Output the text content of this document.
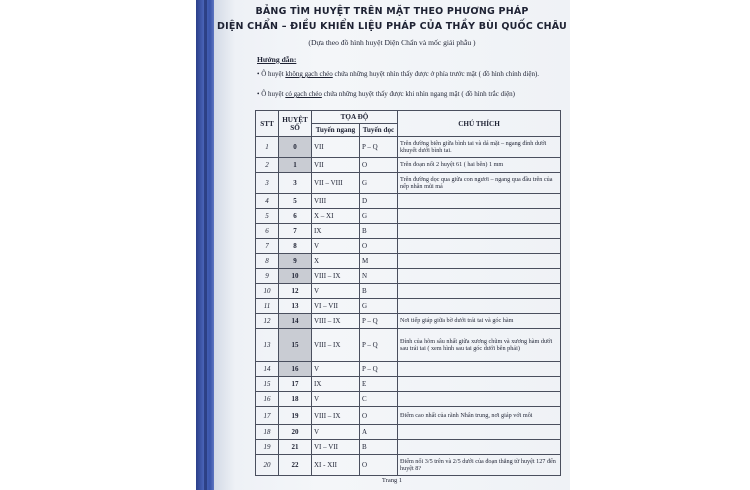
BẢNG TÌM HUYỆT TRÊN MẶT THEO PHƯƠNG PHÁP
DIỆN CHẨN – ĐIỀU KHIỂN LIỆU PHÁP CỦA THẦY BÙI QUỐC CHÂU
(Dựa theo đồ hình huyệt Diện Chẩn và mốc giải phẫu )
Hướng dẫn:
• Ô huyệt không gạch chéo chứa những huyệt nhìn thấy được ở phía trước mặt ( đồ hình chính diện).
• Ô huyệt có gạch chéo chứa những huyệt thấy được khi nhìn ngang mặt ( đồ hình trắc diện)
STT	HUYỆT SỐ	TỌA ĐỘ		CHÚ THÍCH
		Tuyến ngang	Tuyến dọc	
1	0	VII	P – Q	Trên đường biên giữa bình tai và dá mặt – ngang đỉnh dưới khuyết dưới bình tai.
2	1	VII	O	Trên đoạn nối 2 huyệt 61 ( hai bên) 1 mm
3	3	VII – VIII	G	Trên đường dọc qua giữa con ngươi – ngang qua đầu trên của nếp nhân mũi má
4	5	VIII	D	
5	6	X – XI	G	
6	7	IX	B	
7	8	V	O	
8	9	X	M	
9	10	VIII – IX	N	
10	12	V	B	
11	13	VI – VII	G	
12	14	VIII – IX	P – Q	Nơi tiếp giáp giữa bờ dưới trái tai và góc hàm
13	15	VIII – IX	P – Q	Đỉnh của hõm sâu nhất giữa xương chũm và xương hàm dưới sau trái tai ( xem hình sau tai góc dưới bên phải)
14	16	V	P – Q	
15	17	IX	E	
16	18	V	C	
17	19	VIII – IX	O	Điểm cao nhất của rãnh Nhân trung, nơi giáp với môi
18	20	V	A	
19	21	VI – VII	B	
20	22	XI - XII	O	Điểm nối 3/5 trên và 2/5 dưới của đoạn thẳng từ huyệt 127 đến huyệt 8?
Trang 1
